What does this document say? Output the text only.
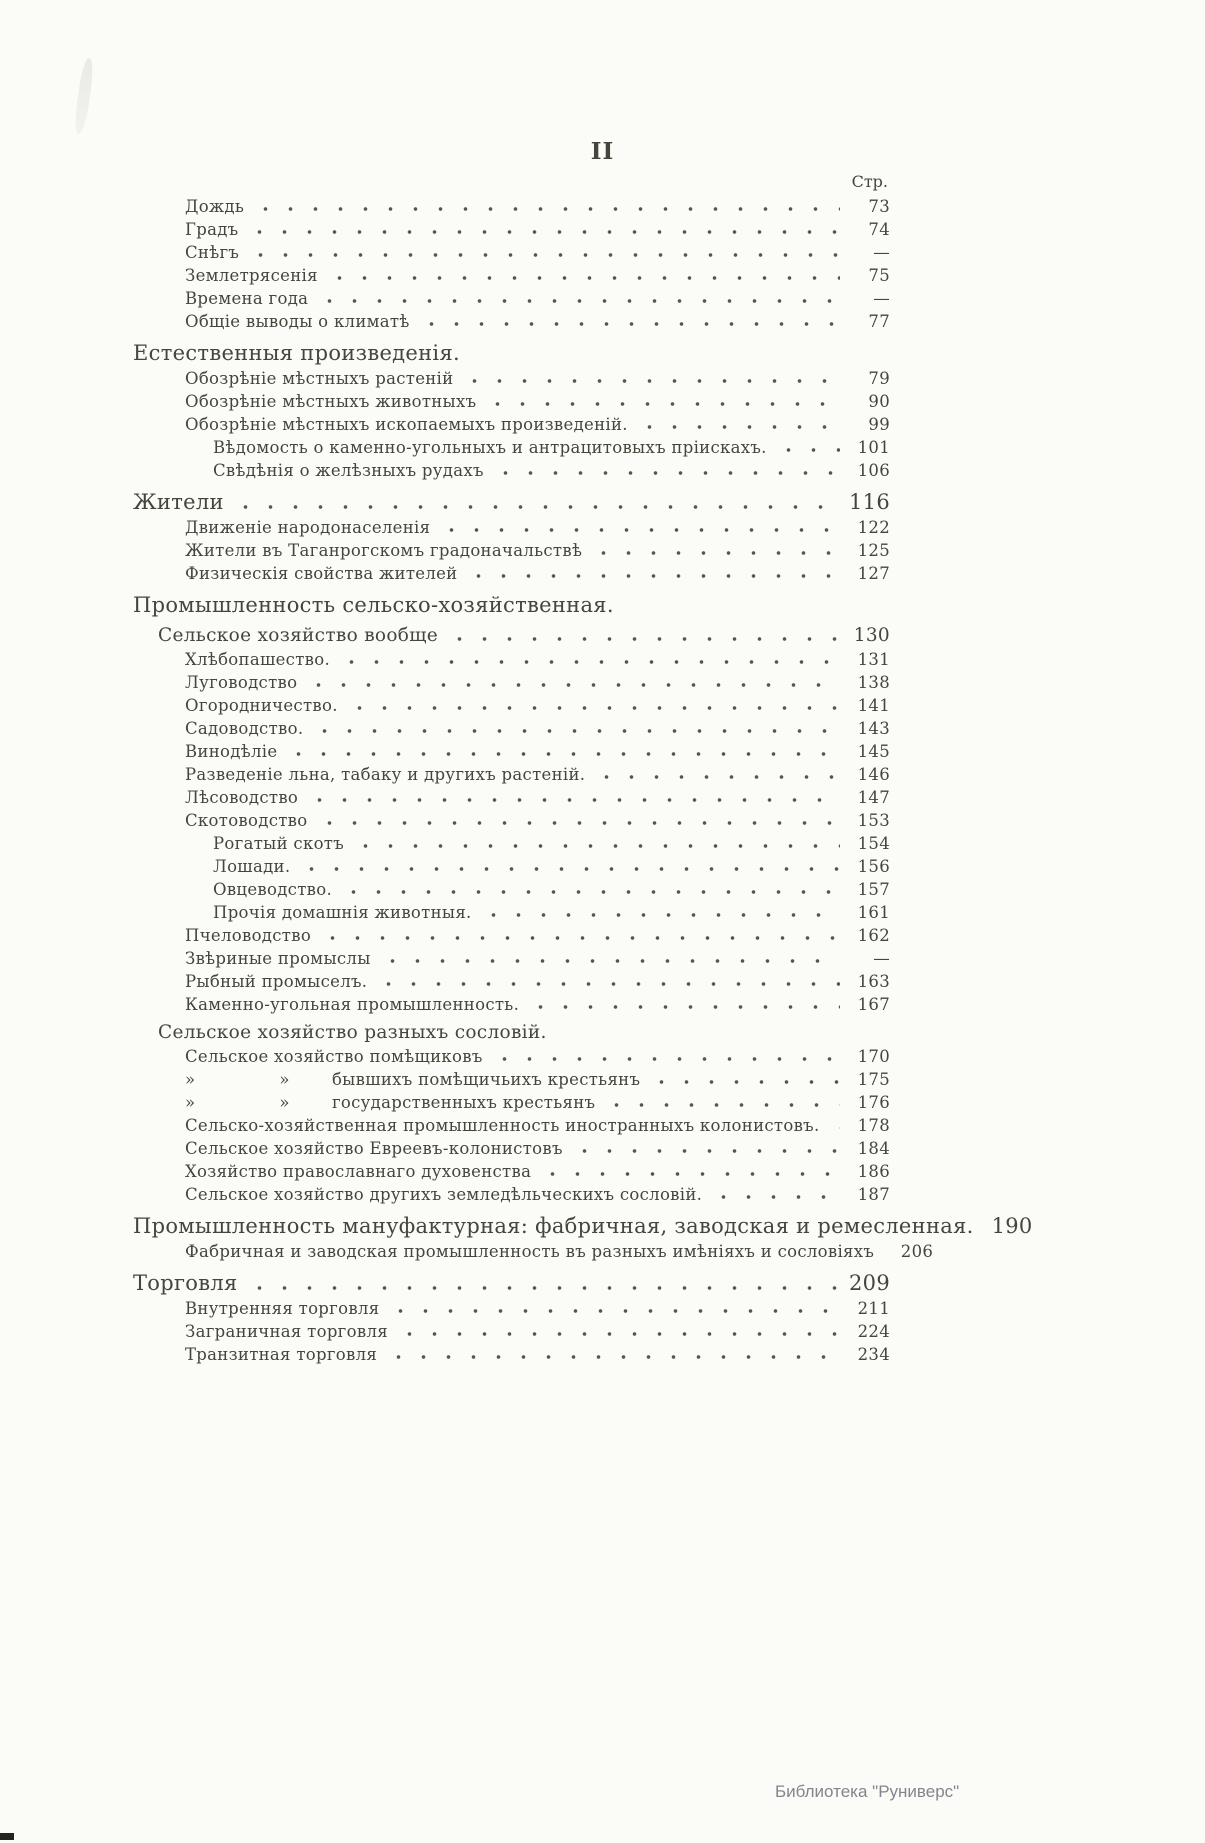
II
Стр.
Дождь	73
Градъ	74
Снѣгъ	—
Землетрясенія	75
Времена года	—
Общіе выводы о климатѣ	77
Естественныя произведенія.
Обозрѣніе мѣстныхъ растеній	79
Обозрѣніе мѣстныхъ животныхъ	90
Обозрѣніе мѣстныхъ ископаемыхъ произведеній.	99
Вѣдомость о каменно-угольныхъ и антрацитовыхъ пріискахъ.	101
Свѣдѣнія о желѣзныхъ рудахъ	106
Жители	116
Движеніе народонаселенія	122
Жители въ Таганрогскомъ градоначальствѣ	125
Физическія свойства жителей	127
Промышленность сельско-хозяйственная.
Сельское хозяйство вообще	130
Хлѣбопашество.	131
Луговодство	138
Огородничество.	141
Садоводство.	143
Винодѣліе	145
Разведеніе льна, табаку и другихъ растеній.	146
Лѣсоводство	147
Скотоводство	153
Рогатый скотъ	154
Лошади.	156
Овцеводство.	157
Прочія домашнія животныя.	161
Пчеловодство	162
Звѣриные промыслы	—
Рыбный промыселъ.	163
Каменно-угольная промышленность.	167
Сельское хозяйство разныхъ сословій.
Сельское хозяйство помѣщиковъ	170
»     »   бывшихъ помѣщичьихъ крестьянъ	175
»     »   государственныхъ крестьянъ	176
Сельско-хозяйственная промышленность иностранныхъ колонистовъ.	178
Сельское хозяйство Евреевъ-колонистовъ	184
Хозяйство православнаго духовенства	186
Сельское хозяйство другихъ земледѣльческихъ сословій.	187
Промышленность мануфактурная: фабричная, заводская и ремесленная. 190
Фабричная и заводская промышленность въ разныхъ имѣніяхъ и сословіяхъ	206
Торговля	209
Внутренняя торговля	211
Заграничная торговля	224
Транзитная торговля	234
Библиотека "Руниверс"
